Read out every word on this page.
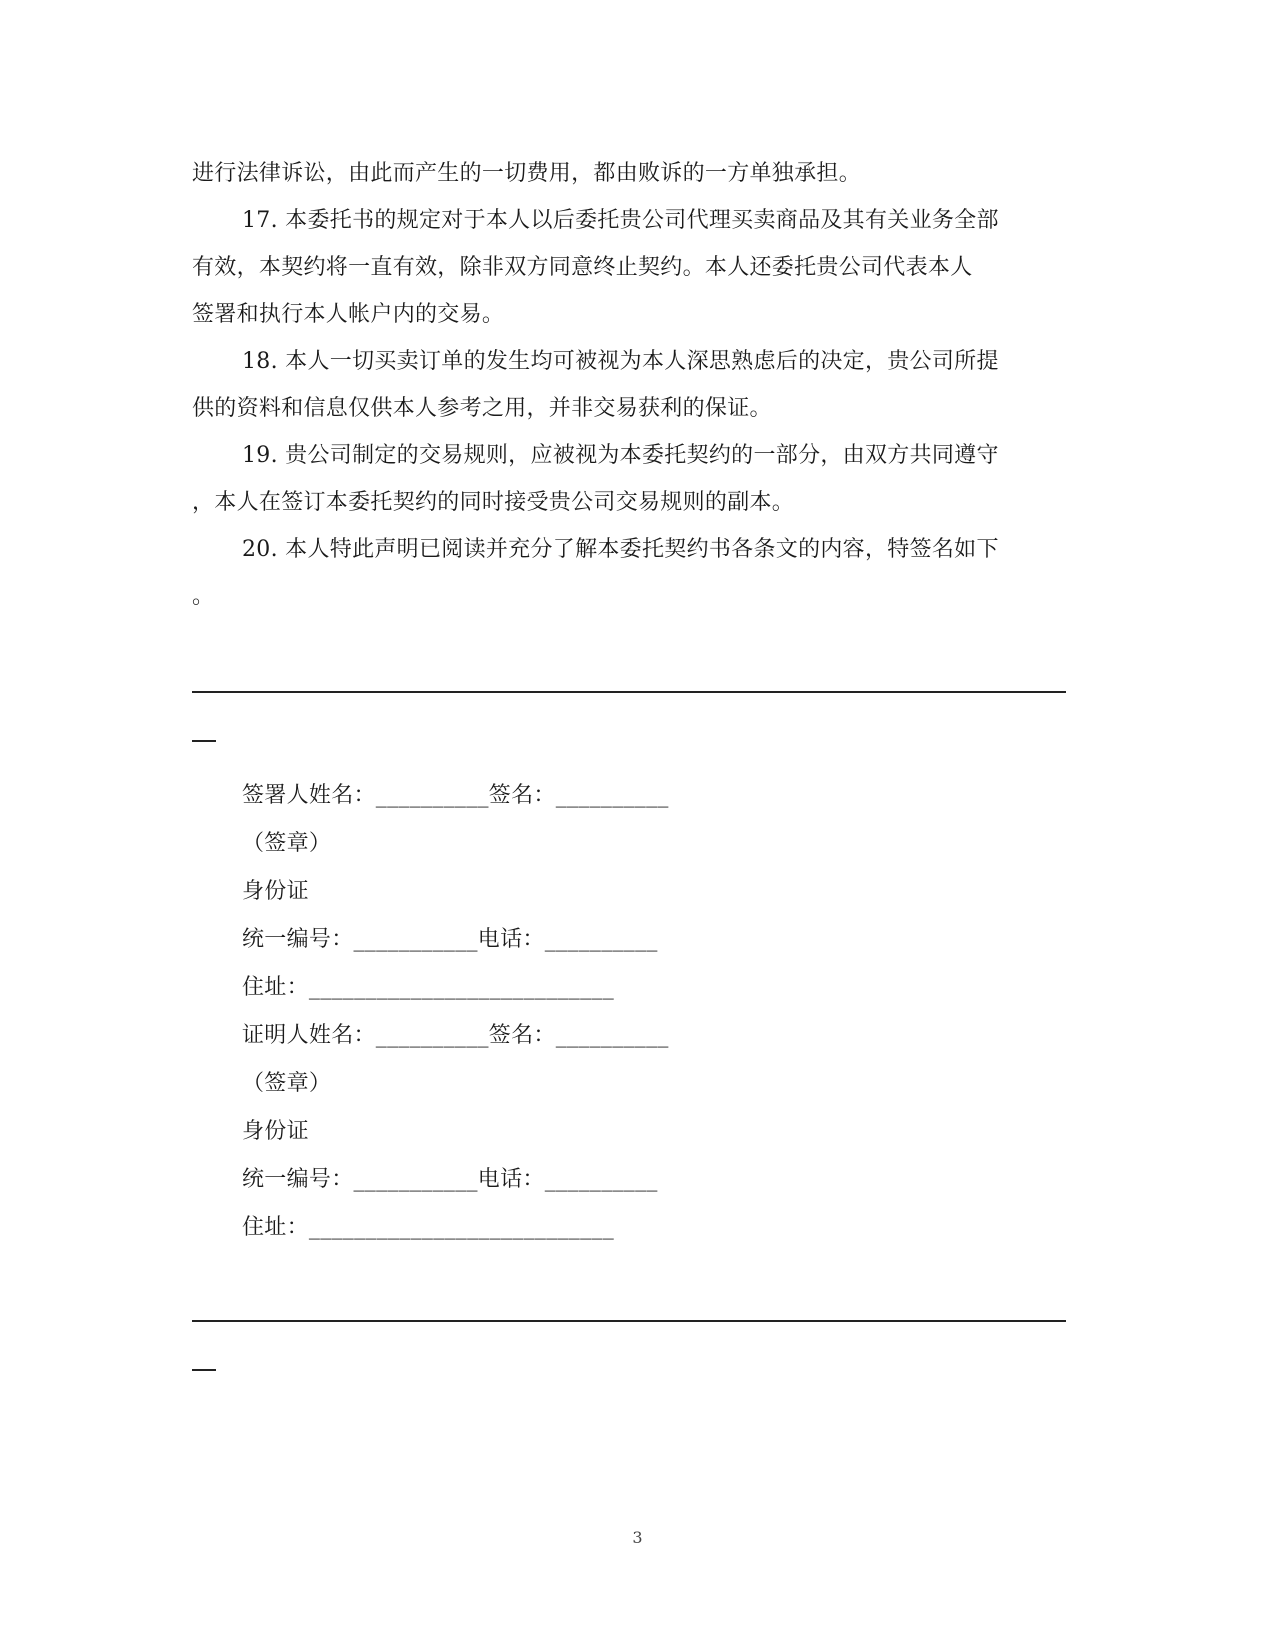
进行法律诉讼，由此而产生的一切费用，都由败诉的一方单独承担。
17. 本委托书的规定对于本人以后委托贵公司代理买卖商品及其有关业务全部
有效，本契约将一直有效，除非双方同意终止契约。本人还委托贵公司代表本人
签署和执行本人帐户内的交易。
18. 本人一切买卖订单的发生均可被视为本人深思熟虑后的决定，贵公司所提
供的资料和信息仅供本人参考之用，并非交易获利的保证。
19. 贵公司制定的交易规则，应被视为本委托契约的一部分，由双方共同遵守
，本人在签订本委托契约的同时接受贵公司交易规则的副本。
20. 本人特此声明已阅读并充分了解本委托契约书各条文的内容，特签名如下
。
签署人姓名：__________签名：__________
（签章）
身份证
统一编号：___________电话：__________
住址：___________________________
证明人姓名：__________签名：__________
（签章）
身份证
统一编号：___________电话：__________
住址：___________________________
3
